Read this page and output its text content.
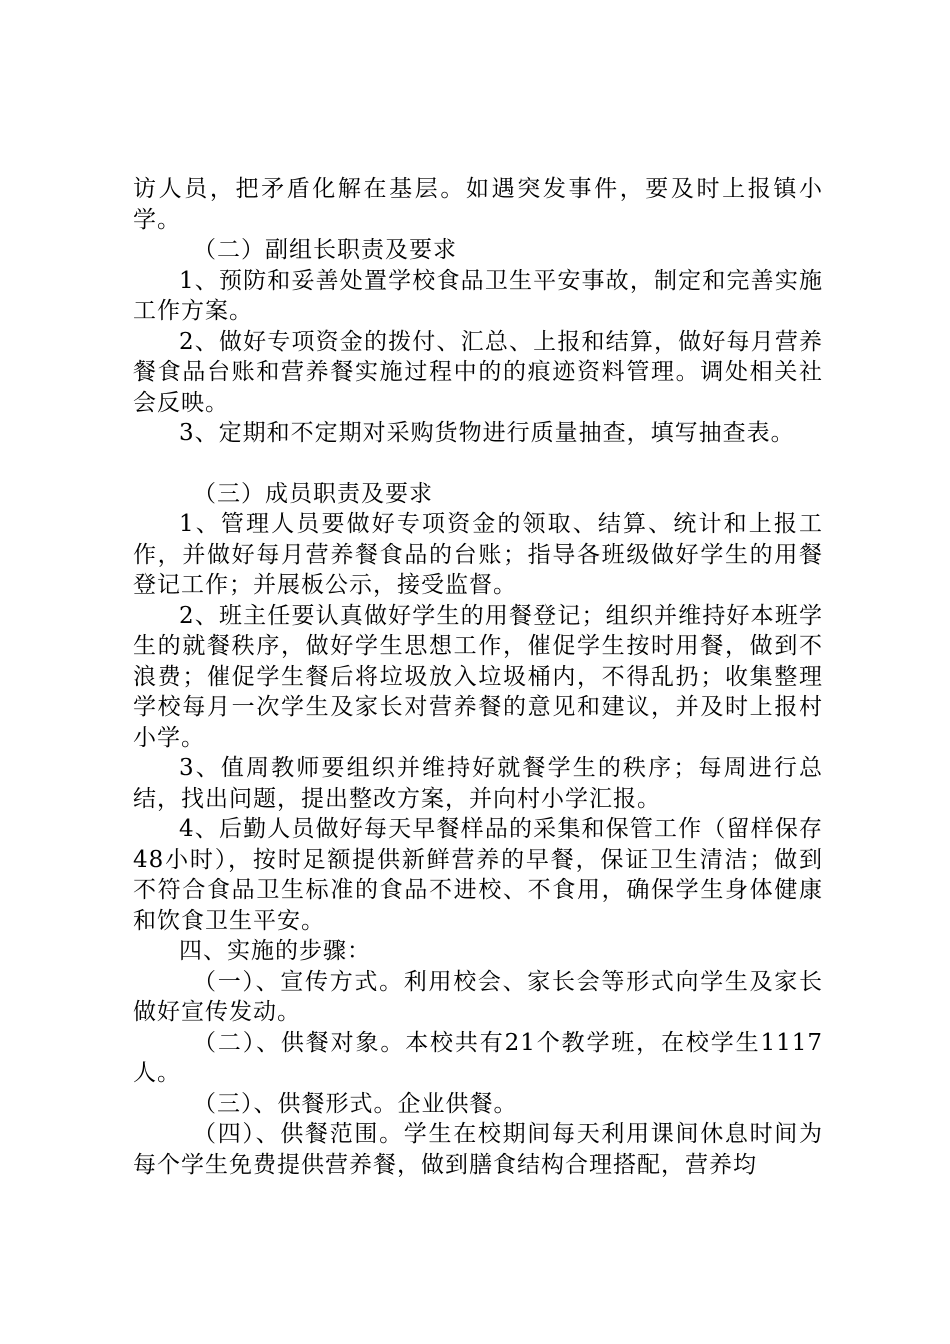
访人员，把矛盾化解在基层。如遇突发事件，要及时上报镇小学。

（二）副组长职责及要求

1、预防和妥善处置学校食品卫生平安事故，制定和完善实施工作方案。

2、做好专项资金的拨付、汇总、上报和结算，做好每月营养餐食品台账和营养餐实施过程中的的痕迹资料管理。调处相关社会反映。

3、定期和不定期对采购货物进行质量抽查，填写抽查表。

（三）成员职责及要求

1、管理人员要做好专项资金的领取、结算、统计和上报工作，并做好每月营养餐食品的台账；指导各班级做好学生的用餐登记工作；并展板公示，接受监督。

2、班主任要认真做好学生的用餐登记；组织并维持好本班学生的就餐秩序，做好学生思想工作，催促学生按时用餐，做到不浪费；催促学生餐后将垃圾放入垃圾桶内，不得乱扔；收集整理学校每月一次学生及家长对营养餐的意见和建议，并及时上报村小学。

3、值周教师要组织并维持好就餐学生的秩序；每周进行总结，找出问题，提出整改方案，并向村小学汇报。

4、后勤人员做好每天早餐样品的采集和保管工作（留样保存48小时），按时足额提供新鲜营养的早餐，保证卫生清洁；做到不符合食品卫生标准的食品不进校、不食用，确保学生身体健康和饮食卫生平安。

四、实施的步骤：

（一）、宣传方式。利用校会、家长会等形式向学生及家长做好宣传发动。

（二）、供餐对象。本校共有21个教学班，在校学生1117人。

（三）、供餐形式。企业供餐。

（四）、供餐范围。学生在校期间每天利用课间休息时间为每个学生免费提供营养餐，做到膳食结构合理搭配，营养均
